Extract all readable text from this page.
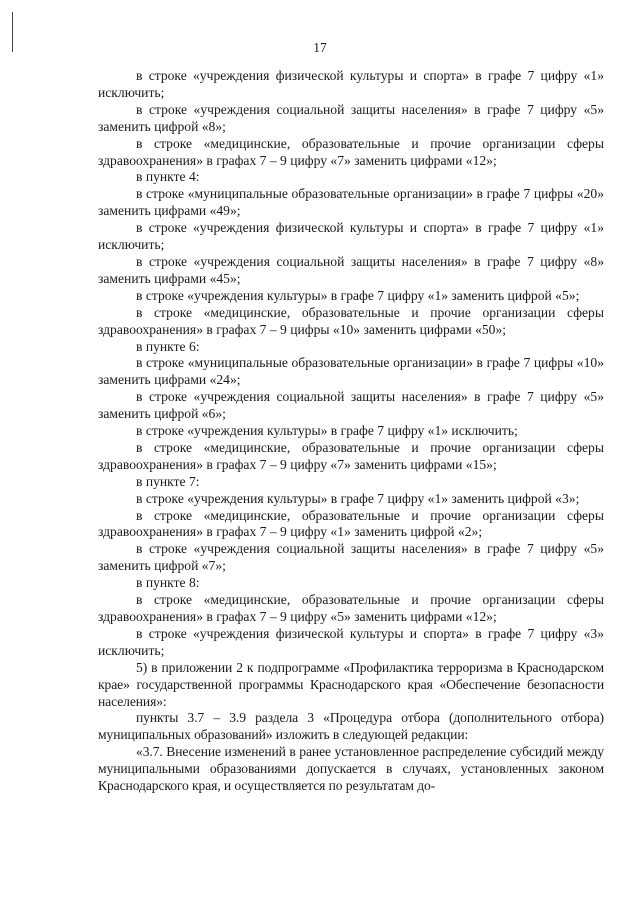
17

в строке «учреждения физической культуры и спорта» в графе 7 цифру «1» исключить;

в строке «учреждения социальной защиты населения» в графе 7 цифру «5» заменить цифрой «8»;

в строке «медицинские, образовательные и прочие организации сферы здравоохранения» в графах 7 – 9 цифру «7» заменить цифрами «12»;

в пункте 4:

в строке «муниципальные образовательные организации» в графе 7 цифры «20» заменить цифрами «49»;

в строке «учреждения физической культуры и спорта» в графе 7 цифру «1» исключить;

в строке «учреждения социальной защиты населения» в графе 7 цифру «8» заменить цифрами «45»;

в строке «учреждения культуры» в графе 7 цифру «1» заменить цифрой «5»;

в строке «медицинские, образовательные и прочие организации сферы здравоохранения» в графах 7 – 9 цифры «10» заменить цифрами «50»;

в пункте 6:

в строке «муниципальные образовательные организации» в графе 7 цифры «10» заменить цифрами «24»;

в строке «учреждения социальной защиты населения» в графе 7 цифру «5» заменить цифрой «6»;

в строке «учреждения культуры» в графе 7 цифру «1» исключить;

в строке «медицинские, образовательные и прочие организации сферы здравоохранения» в графах 7 – 9 цифру «7» заменить цифрами «15»;

в пункте 7:

в строке «учреждения культуры» в графе 7 цифру «1» заменить цифрой «3»;

в строке «медицинские, образовательные и прочие организации сферы здравоохранения» в графах 7 – 9 цифру «1» заменить цифрой «2»;

в строке «учреждения социальной защиты населения» в графе 7 цифру «5» заменить цифрой «7»;

в пункте 8:

в строке «медицинские, образовательные и прочие организации сферы здравоохранения» в графах 7 – 9 цифру «5» заменить цифрами «12»;

в строке «учреждения физической культуры и спорта» в графе 7 цифру «3» исключить;

5) в приложении 2 к подпрограмме «Профилактика терроризма в Краснодарском крае» государственной программы Краснодарского края «Обеспечение безопасности населения»:

пункты 3.7 – 3.9 раздела 3 «Процедура отбора (дополнительного отбора) муниципальных образований» изложить в следующей редакции:

«3.7. Внесение изменений в ранее установленное распределение субсидий между муниципальными образованиями допускается в случаях, установленных законом Краснодарского края, и осуществляется по результатам до-
